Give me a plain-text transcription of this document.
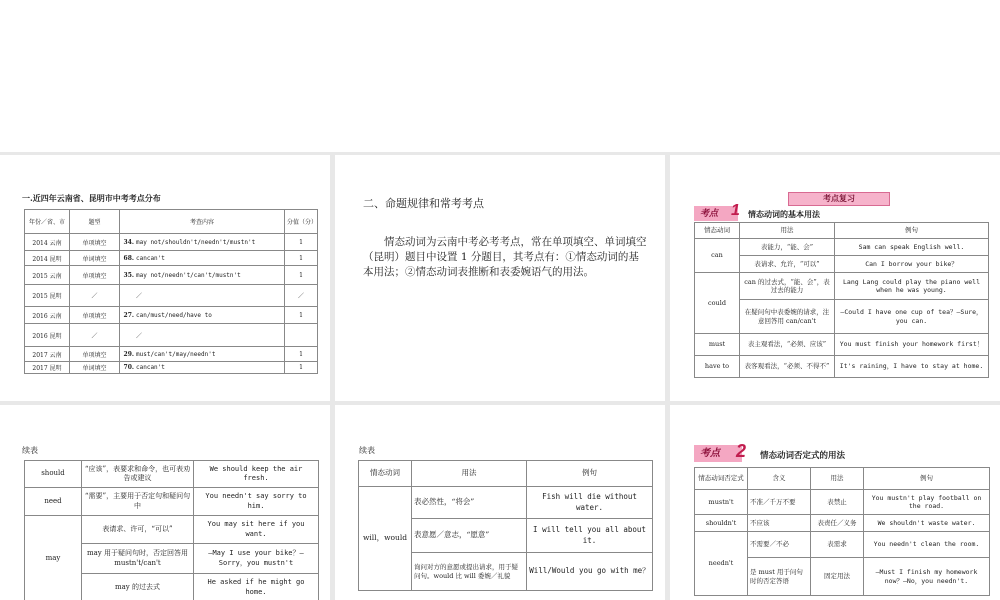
一.近四年云南省、昆明市中考考点分布
年份／省、市	题型	考查内容		分值（分）
2014 云南	单项填空	34.	may not/shouldn't/needn't/mustn't	1
2014 昆明	单词填空	68.	cancan't	1
2015 云南	单项填空	35.	may not/needn't/can't/mustn't	1
2015 昆明	／		／	／
2016 云南	单项填空	27.	can/must/need/have to	1
2016 昆明	／		／	
2017 云南	单项填空	29.	must/can't/may/needn't	1
2017 昆明	单词填空	70.	cancan't	1
二、命题规律和常考考点
情态动词为云南中考必考考点，常在单项填空、单词填空（昆明）题目中设置 1 分题目，其考点有：①情态动词的基本用法；②情态动词表推断和表委婉语气的用法。
考点复习
考点 1 情态动词的基本用法
情态动词	用法	例句
can	表能力，“能、会”	Sam can speak English well.
	表请求、允许，“可以”	Can I borrow your bike？
could	can 的过去式，“能、会”，表过去的能力	Lang Lang could play the piano well when he was young.
	在疑问句中表委婉的请求，注意回答用 can/can't	—Could I have one cup of tea？—Sure，you can.
must	表主观看法，“必须、应该”	You must finish your homework first！
have to	表客观看法，“必须、不得不”	It's raining，I have to stay at home.
续表
should	“应该”，表要求和命令，也可表劝告或建议	We should keep the air fresh.
need	“需要”，主要用于否定句和疑问句中	You needn't say sorry to him.
may	表请求、许可，“可以”	You may sit here if you want.
	may 用于疑问句时，否定回答用 mustn't/can't	—May I use your bike？—Sorry，you mustn't
	may 的过去式	He asked if he might go home.
续表
情态动词	用法	例句
will，would	表必然性，“将会”	Fish will die without water.
	表意愿／意志，“愿意”	I will tell you all about it.
	询问对方的意愿或提出请求，用于疑问句。would 比 will 委婉／礼貌	Will/Would you go with me？
考点 2 情态动词否定式的用法
情态动词否定式	含义	用法	例句
mustn't	不准／千万不要	表禁止	You mustn't play football on the road.
shouldn't	不应该	表责任／义务	We shouldn't waste water.
needn't	不需要／不必	表需求	You needn't clean the room.
	是 must 用于问句时的否定答语	固定用法	—Must I finish my homework now？—No，you needn't.
